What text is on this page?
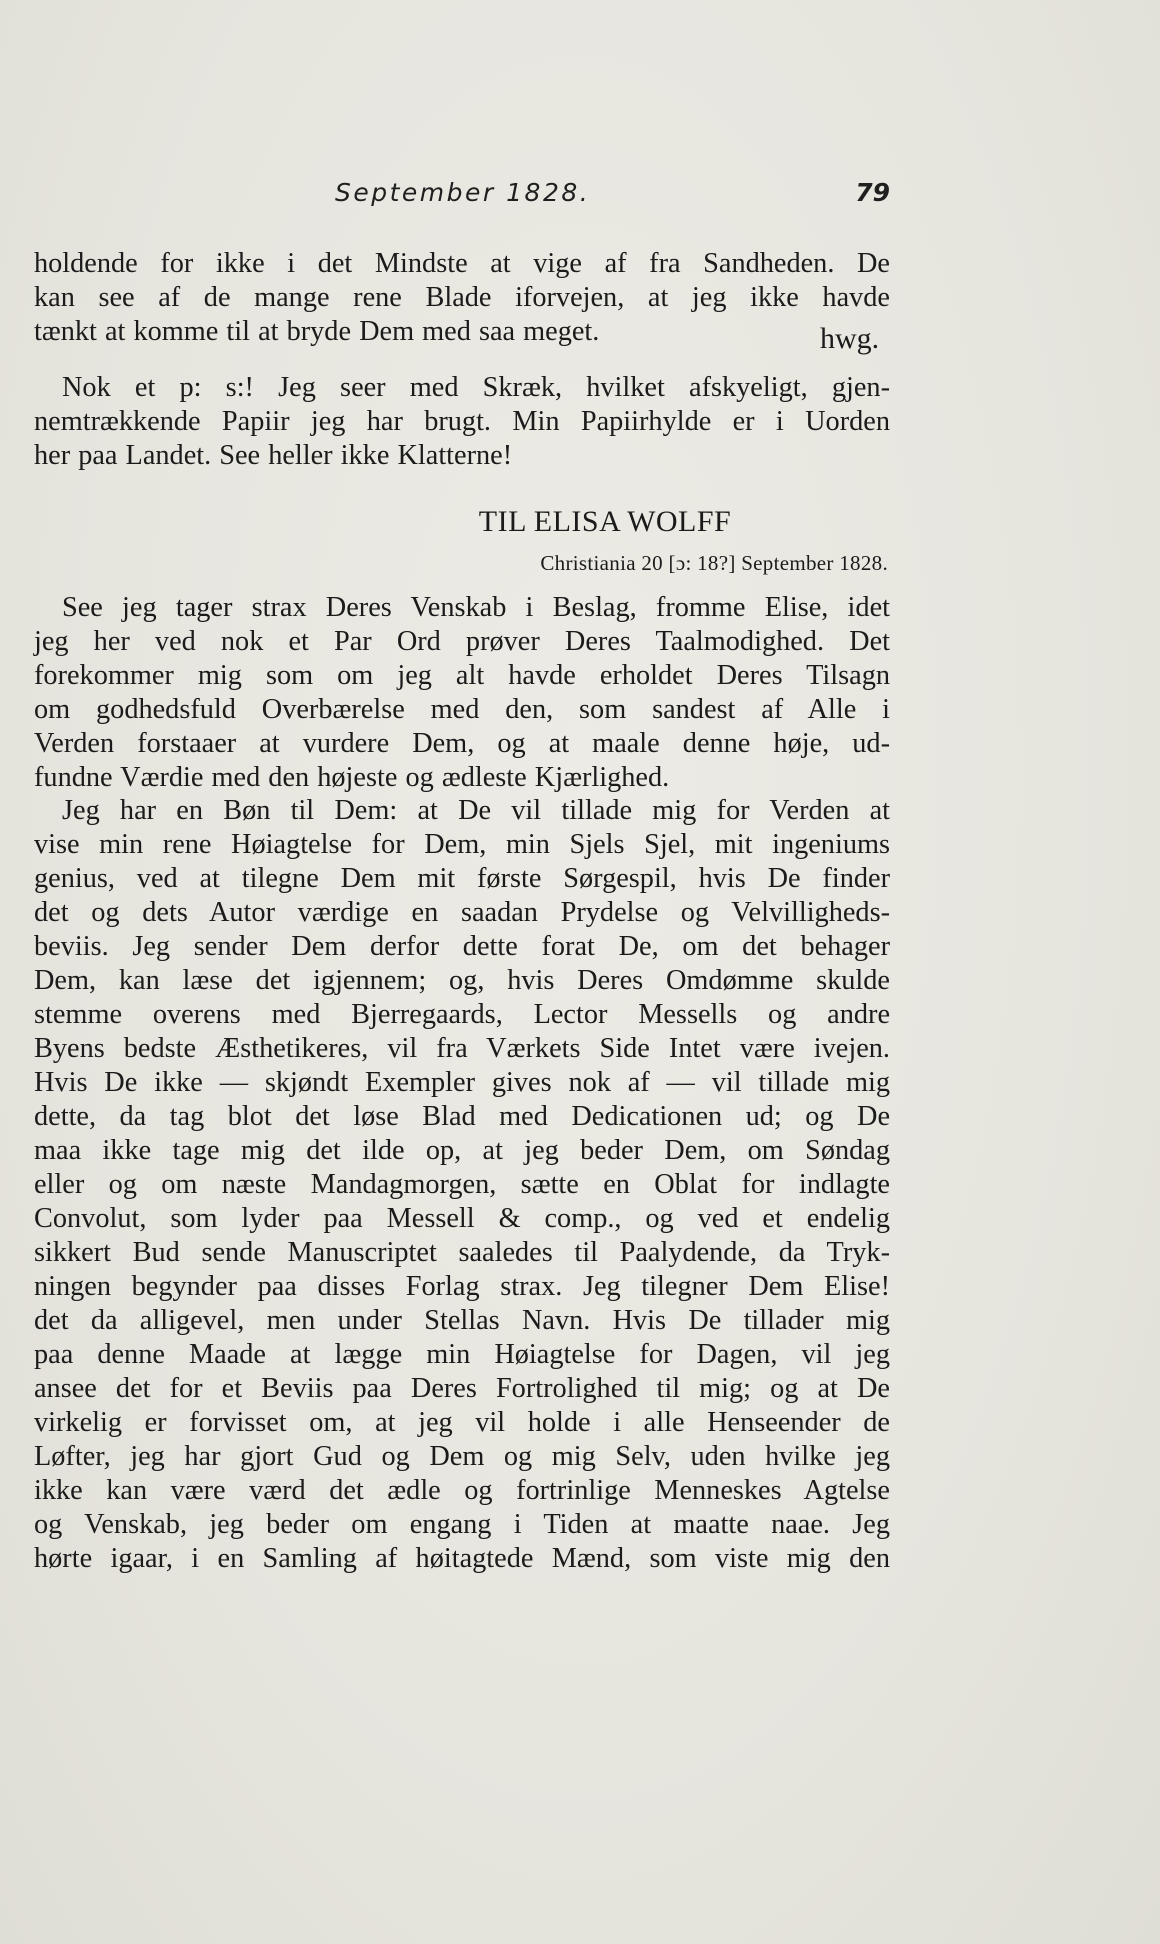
September 1828.	79
holdende for ikke i det Mindste at vige af fra Sandheden. De
kan see af de mange rene Blade iforvejen, at jeg ikke havde
tænkt at komme til at bryde Dem med saa meget.	hwg.
Nok et p: s:! Jeg seer med Skræk, hvilket afskyeligt, gjen-
nemtrækkende Papiir jeg har brugt. Min Papiirhylde er i Uorden
her paa Landet. See heller ikke Klatterne!
TIL ELISA WOLFF
Christiania 20 [ɔ: 18?] September 1828.
See jeg tager strax Deres Venskab i Beslag, fromme Elise, idet
jeg her ved nok et Par Ord prøver Deres Taalmodighed. Det
forekommer mig som om jeg alt havde erholdet Deres Tilsagn
om godhedsfuld Overbærelse med den, som sandest af Alle i
Verden forstaaer at vurdere Dem, og at maale denne høje, ud-
fundne Værdie med den højeste og ædleste Kjærlighed.
Jeg har en Bøn til Dem: at De vil tillade mig for Verden at
vise min rene Høiagtelse for Dem, min Sjels Sjel, mit ingeniums
genius, ved at tilegne Dem mit første Sørgespil, hvis De finder
det og dets Autor værdige en saadan Prydelse og Velvilligheds-
beviis. Jeg sender Dem derfor dette forat De, om det behager
Dem, kan læse det igjennem; og, hvis Deres Omdømme skulde
stemme overens med Bjerregaards, Lector Messells og andre
Byens bedste Æsthetikeres, vil fra Værkets Side Intet være ivejen.
Hvis De ikke — skjøndt Exempler gives nok af — vil tillade mig
dette, da tag blot det løse Blad med Dedicationen ud; og De
maa ikke tage mig det ilde op, at jeg beder Dem, om Søndag
eller og om næste Mandagmorgen, sætte en Oblat for indlagte
Convolut, som lyder paa Messell & comp., og ved et endelig
sikkert Bud sende Manuscriptet saaledes til Paalydende, da Tryk-
ningen begynder paa disses Forlag strax. Jeg tilegner Dem Elise!
det da alligevel, men under Stellas Navn. Hvis De tillader mig
paa denne Maade at lægge min Høiagtelse for Dagen, vil jeg
ansee det for et Beviis paa Deres Fortrolighed til mig; og at De
virkelig er forvisset om, at jeg vil holde i alle Henseender de
Løfter, jeg har gjort Gud og Dem og mig Selv, uden hvilke jeg
ikke kan være værd det ædle og fortrinlige Menneskes Agtelse
og Venskab, jeg beder om engang i Tiden at maatte naae. Jeg
hørte igaar, i en Samling af høitagtede Mænd, som viste mig den
